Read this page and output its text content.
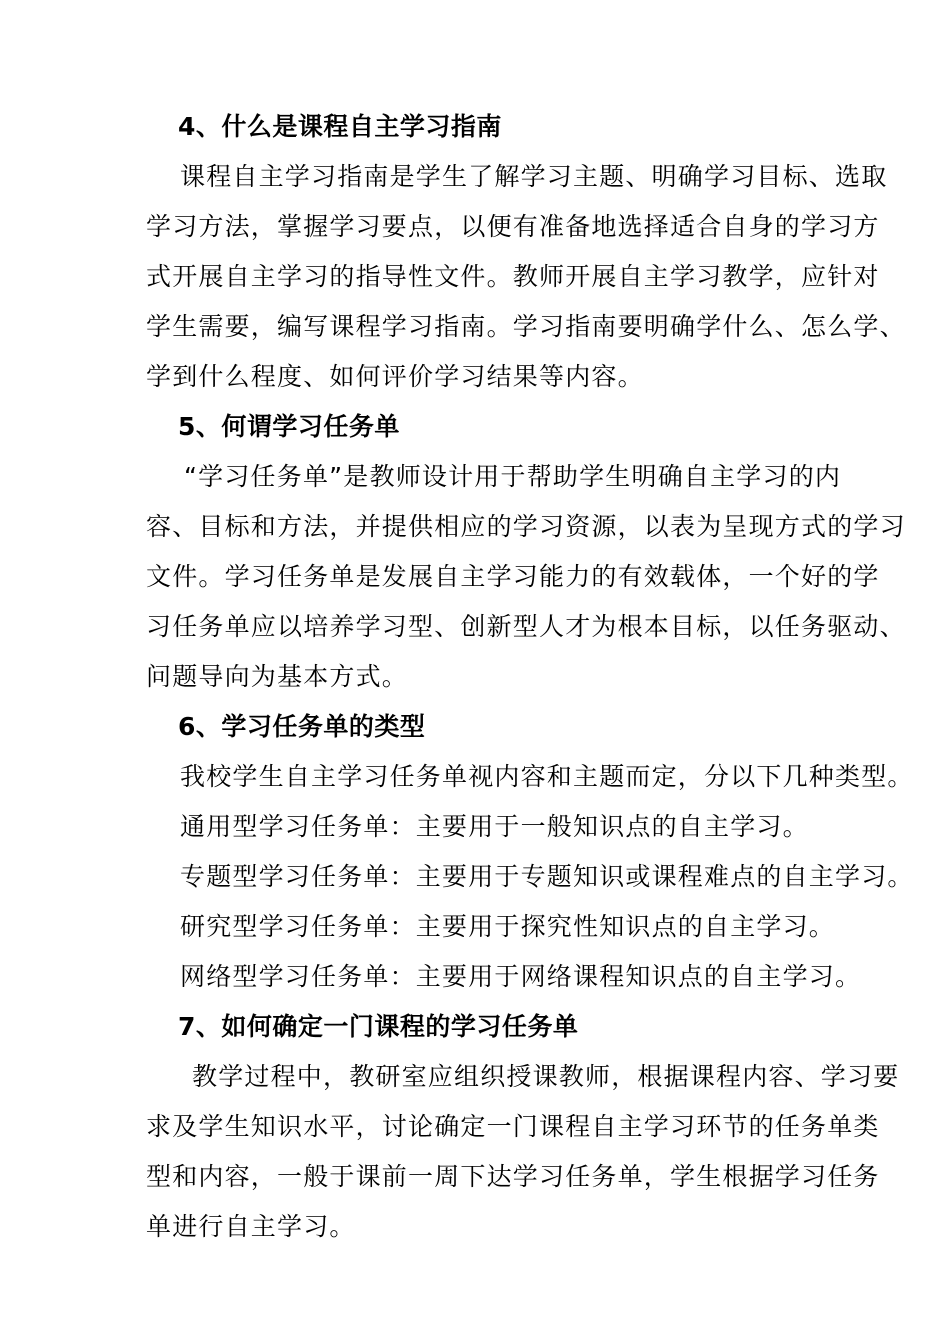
4、什么是课程自主学习指南
课程自主学习指南是学生了解学习主题、明确学习目标、选取
学习方法，掌握学习要点，以便有准备地选择适合自身的学习方
式开展自主学习的指导性文件。教师开展自主学习教学，应针对
学生需要，编写课程学习指南。学习指南要明确学什么、怎么学、
学到什么程度、如何评价学习结果等内容。
5、何谓学习任务单
“学习任务单”是教师设计用于帮助学生明确自主学习的内
容、目标和方法，并提供相应的学习资源，以表为呈现方式的学习
文件。学习任务单是发展自主学习能力的有效载体，一个好的学
习任务单应以培养学习型、创新型人才为根本目标，以任务驱动、
问题导向为基本方式。
6、学习任务单的类型
我校学生自主学习任务单视内容和主题而定，分以下几种类型。
通用型学习任务单：主要用于一般知识点的自主学习。
专题型学习任务单：主要用于专题知识或课程难点的自主学习。
研究型学习任务单：主要用于探究性知识点的自主学习。
网络型学习任务单：主要用于网络课程知识点的自主学习。
7、如何确定一门课程的学习任务单
教学过程中，教研室应组织授课教师，根据课程内容、学习要
求及学生知识水平，讨论确定一门课程自主学习环节的任务单类
型和内容，一般于课前一周下达学习任务单，学生根据学习任务
单进行自主学习。
